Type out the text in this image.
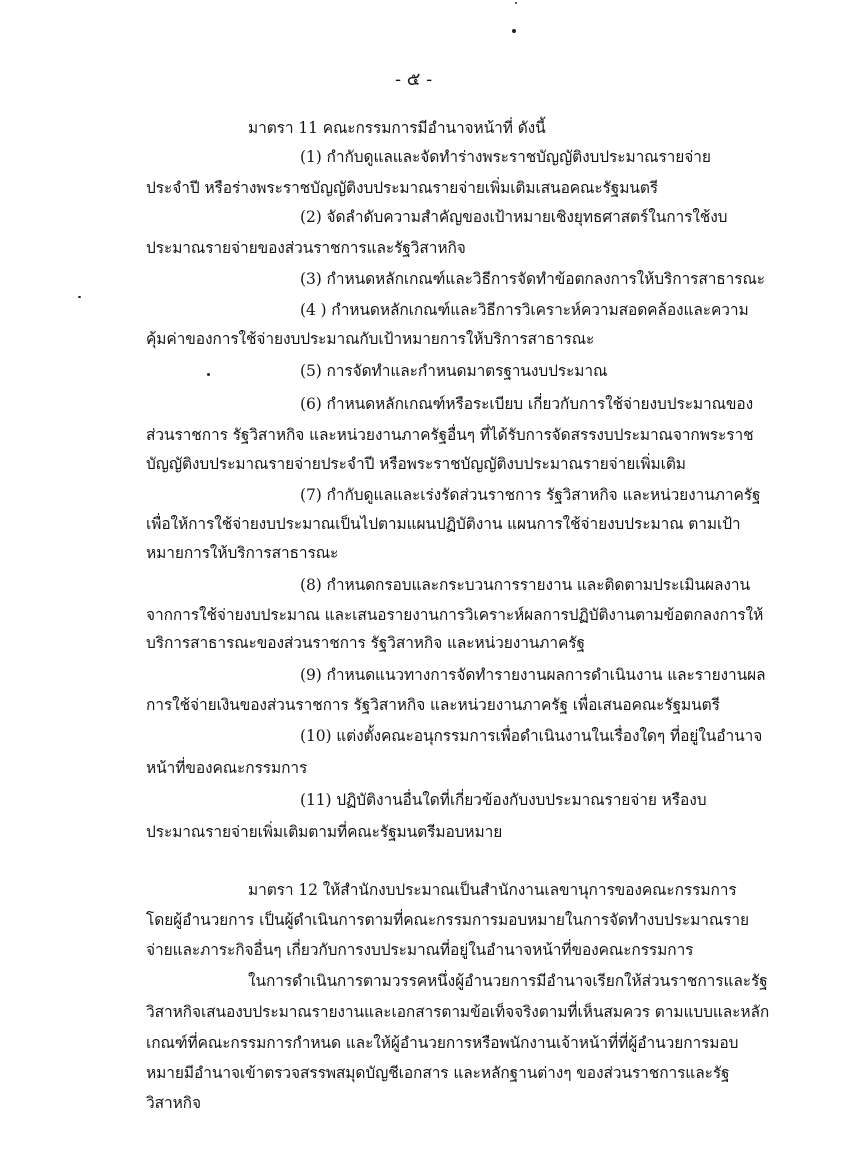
- ๕ -
มาตรา 11 คณะกรรมการมีอำนาจหน้าที่ ดังนี้
(1) กำกับดูแลและจัดทำร่างพระราชบัญญัติงบประมาณรายจ่าย
ประจำปี หรือร่างพระราชบัญญัติงบประมาณรายจ่ายเพิ่มเติมเสนอคณะรัฐมนตรี
(2) จัดลำดับความสำคัญของเป้าหมายเชิงยุทธศาสตร์ในการใช้งบ
ประมาณรายจ่ายของส่วนราชการและรัฐวิสาหกิจ
(3) กำหนดหลักเกณฑ์และวิธีการจัดทำข้อตกลงการให้บริการสาธารณะ
(4 ) กำหนดหลักเกณฑ์และวิธีการวิเคราะห์ความสอดคล้องและความ
คุ้มค่าของการใช้จ่ายงบประมาณกับเป้าหมายการให้บริการสาธารณะ
(5) การจัดทำและกำหนดมาตรฐานงบประมาณ
(6) กำหนดหลักเกณฑ์หรือระเบียบ เกี่ยวกับการใช้จ่ายงบประมาณของ
ส่วนราชการ รัฐวิสาหกิจ และหน่วยงานภาครัฐอื่นๆ ที่ได้รับการจัดสรรงบประมาณจากพระราช
บัญญัติงบประมาณรายจ่ายประจำปี หรือพระราชบัญญัติงบประมาณรายจ่ายเพิ่มเติม
(7) กำกับดูแลและเร่งรัดส่วนราชการ รัฐวิสาหกิจ และหน่วยงานภาครัฐ
เพื่อให้การใช้จ่ายงบประมาณเป็นไปตามแผนปฏิบัติงาน แผนการใช้จ่ายงบประมาณ ตามเป้า
หมายการให้บริการสาธารณะ
(8) กำหนดกรอบและกระบวนการรายงาน และติดตามประเมินผลงาน
จากการใช้จ่ายงบประมาณ และเสนอรายงานการวิเคราะห์ผลการปฏิบัติงานตามข้อตกลงการให้
บริการสาธารณะของส่วนราชการ รัฐวิสาหกิจ และหน่วยงานภาครัฐ
(9) กำหนดแนวทางการจัดทำรายงานผลการดำเนินงาน และรายงานผล
การใช้จ่ายเงินของส่วนราชการ รัฐวิสาหกิจ และหน่วยงานภาครัฐ เพื่อเสนอคณะรัฐมนตรี
(10) แต่งตั้งคณะอนุกรรมการเพื่อดำเนินงานในเรื่องใดๆ ที่อยู่ในอำนาจ
หน้าที่ของคณะกรรมการ
(11) ปฏิบัติงานอื่นใดที่เกี่ยวข้องกับงบประมาณรายจ่าย หรืองบ
ประมาณรายจ่ายเพิ่มเติมตามที่คณะรัฐมนตรีมอบหมาย
มาตรา 12 ให้สำนักงบประมาณเป็นสำนักงานเลขานุการของคณะกรรมการ
โดยผู้อำนวยการ เป็นผู้ดำเนินการตามที่คณะกรรมการมอบหมายในการจัดทำงบประมาณราย
จ่ายและภาระกิจอื่นๆ เกี่ยวกับการงบประมาณที่อยู่ในอำนาจหน้าที่ของคณะกรรมการ
ในการดำเนินการตามวรรคหนึ่งผู้อำนวยการมีอำนาจเรียกให้ส่วนราชการและรัฐ
วิสาหกิจเสนองบประมาณรายงานและเอกสารตามข้อเท็จจริงตามที่เห็นสมควร ตามแบบและหลัก
เกณฑ์ที่คณะกรรมการกำหนด และให้ผู้อำนวยการหรือพนักงานเจ้าหน้าที่ที่ผู้อำนวยการมอบ
หมายมีอำนาจเข้าตรวจสรรพสมุดบัญชีเอกสาร และหลักฐานต่างๆ ของส่วนราชการและรัฐ
วิสาหกิจ
